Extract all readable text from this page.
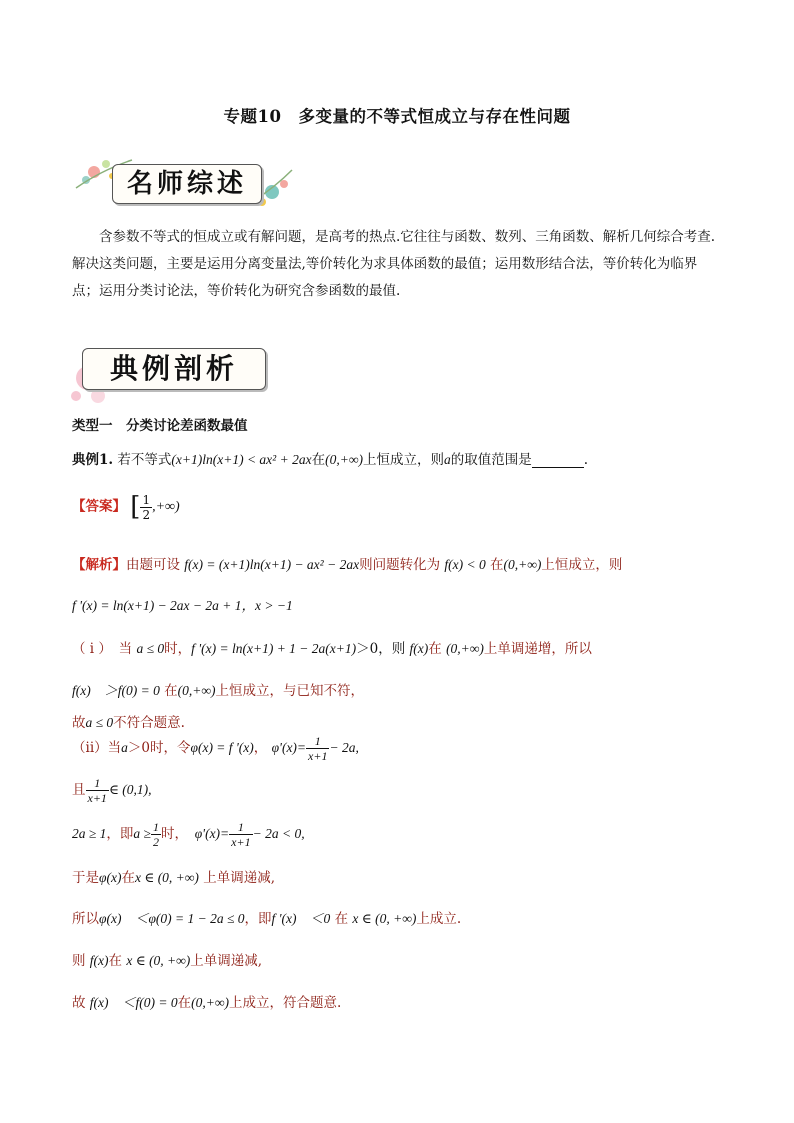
专题10　多变量的不等式恒成立与存在性问题
名师综述
含参数不等式的恒成立或有解问题，是高考的热点.它往往与函数、数列、三角函数、解析几何综合考查.解决这类问题，主要是运用分离变量法,等价转化为求具体函数的最值；运用数形结合法，等价转化为临界点；运用分类讨论法，等价转化为研究含参函数的最值.
典例剖析
类型一　分类讨论差函数最值
典例1. 若不等式(x+1)ln(x+1) < ax² + 2ax在(0,+∞)上恒成立，则a的取值范围是	.
【答案】 [ $\frac{1}{2}$ ,+∞)
【解析】由题可设 f(x) = (x+1)ln(x+1) − ax² − 2ax则问题转化为 f(x) < 0 在(0,+∞)上恒成立，则
f '(x) = ln(x+1) − 2ax − 2a + 1，x > −1
（ i ）　当 a ≤ 0时，f '(x) = ln(x+1) + 1 − 2a(x+1)＞0，则 f(x)在 (0,+∞)上单调递增，所以
f(x)　＞f(0) = 0 在(0,+∞)上恒成立，与已知不符，
故a ≤ 0不符合题意.
（ii）当a＞0时，令φ(x) = f '(x)， $\varphi'(x)= \frac{1}{x+1} - 2a$,
且 $\frac{1}{x+1}$ ∈ (0,1),
2a ≥ 1，即$a \ge \frac{1}{2}$ 时，　 $\varphi'(x)= \frac{1}{x+1} - 2a < 0$,
于是φ(x)在x ∈ (0, +∞) 上单调递减,
所以φ(x)　＜φ(0) = 1 − 2a ≤ 0，即f '(x)　＜0 在 x ∈ (0, +∞)上成立.
则 f(x)在 x ∈ (0, +∞)上单调递减,
故 f(x)　＜f(0) = 0在(0,+∞)上成立，符合题意.
